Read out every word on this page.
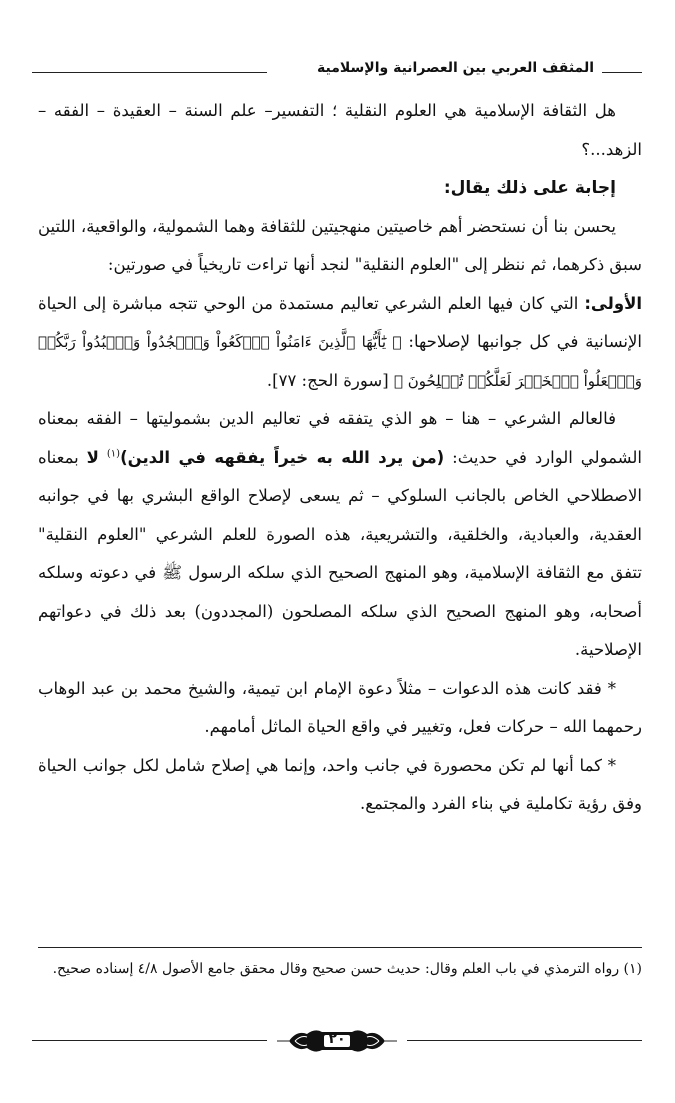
المثقف العربي بين العصرانية والإسلامية

هل الثقافة الإسلامية هي العلوم النقلية ؛ التفسير– علم السنة – العقيدة – الفقه – الزهد...؟

إجابة على ذلك يقال:

يحسن بنا أن نستحضر أهم خاصيتين منهجيتين للثقافة وهما الشمولية، والواقعية، اللتين سبق ذكرهما، ثم ننظر إلى "العلوم النقلية" لنجد أنها تراءت تاريخياً في صورتين:

الأولى: التي كان فيها العلم الشرعي تعاليم مستمدة من الوحي تتجه مباشرة إلى الحياة الإنسانية في كل جوانبها لإصلاحها: ﴿ يَٰٓأَيُّهَا ٱلَّذِينَ ءَامَنُواْ ٱرۡكَعُواْ وَٱسۡجُدُواْ وَٱعۡبُدُواْ رَبَّكُمۡ وَٱفۡعَلُواْ ٱلۡخَيۡرَ لَعَلَّكُمۡ تُفۡلِحُونَ ﴾ [سورة الحج: ٧٧].

فالعالم الشرعي – هنا – هو الذي يتفقه في تعاليم الدين بشموليتها – الفقه بمعناه الشمولي الوارد في حديث: (من يرد الله به خيراً يفقهه في الدين)$^{(١)}$ لا بمعناه الاصطلاحي الخاص بالجانب السلوكي – ثم يسعى لإصلاح الواقع البشري بها في جوانبه العقدية، والعبادية، والخلقية، والتشريعية، هذه الصورة للعلم الشرعي "العلوم النقلية" تتفق مع الثقافة الإسلامية، وهو المنهج الصحيح الذي سلكه الرسول ﷺ في دعوته وسلكه أصحابه، وهو المنهج الصحيح الذي سلكه المصلحون (المجددون) بعد ذلك في دعواتهم الإصلاحية.

* فقد كانت هذه الدعوات – مثلاً دعوة الإمام ابن تيمية، والشيخ محمد بن عبد الوهاب رحمهما الله – حركات فعل، وتغيير في واقع الحياة الماثل أمامهم.

* كما أنها لم تكن محصورة في جانب واحد، وإنما هي إصلاح شامل لكل جوانب الحياة وفق رؤية تكاملية في بناء الفرد والمجتمع.

(١) رواه الترمذي في باب العلم وقال: حديث حسن صحيح وقال محقق جامع الأصول ٤/٨ إسناده صحيح.
٢٠
